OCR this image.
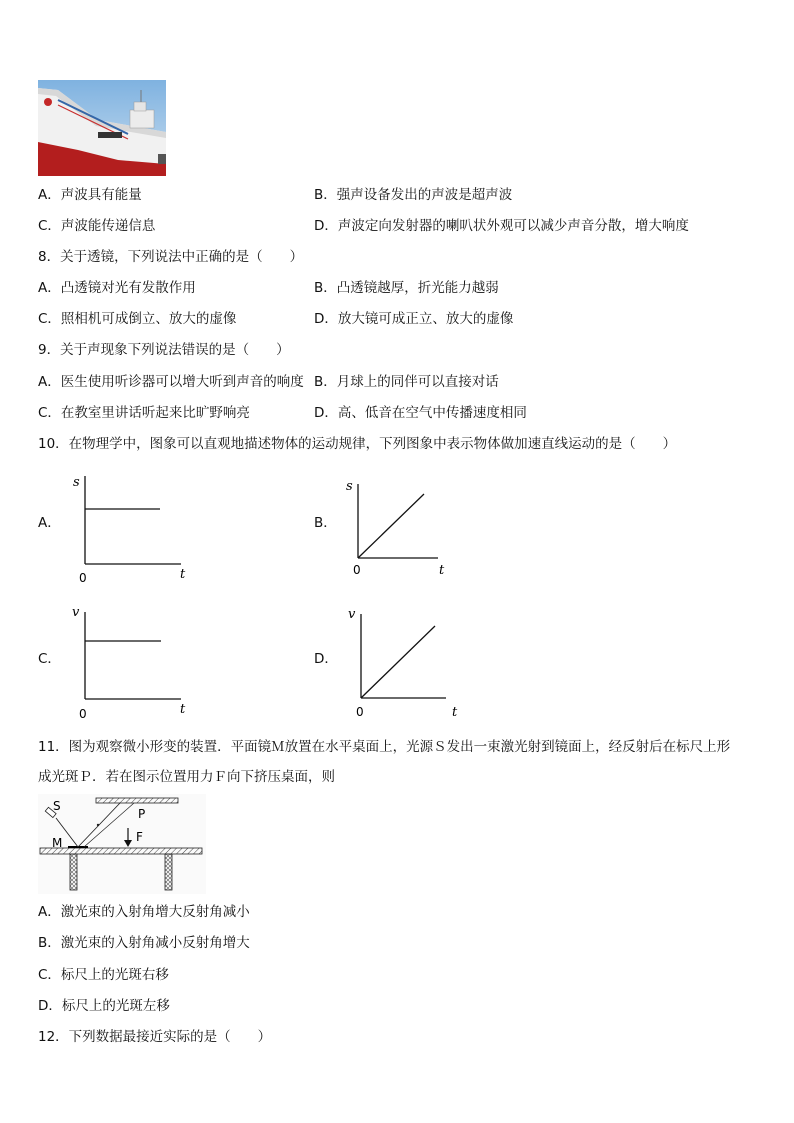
A．声波具有能量	B．强声设备发出的声波是超声波
C．声波能传递信息	D．声波定向发射器的喇叭状外观可以减少声音分散，增大响度
8．关于透镜，下列说法中正确的是（　　）
A．凸透镜对光有发散作用	B．凸透镜越厚，折光能力越弱
C．照相机可成倒立、放大的虚像	D．放大镜可成正立、放大的虚像
9．关于声现象下列说法错误的是（　　）
A．医生使用听诊器可以增大听到声音的响度 B．月球上的同伴可以直接对话
C．在教室里讲话听起来比旷野响亮	D．高、低音在空气中传播速度相同
10．在物理学中，图象可以直观地描述物体的运动规律，下列图象中表示物体做加速直线运动的是（　　）
A．
s
t
0
B．
s
t
0
C．
v
t
0
D．
v
t
0
11．图为观察微小形变的装置．平面镜Ｍ放置在水平桌面上，光源Ｓ发出一束激光射到镜面上，经反射后在标尺上形
成光斑Ｐ．若在图示位置用力Ｆ向下挤压桌面，则
S
P
F
M
A．激光束的入射角增大反射角减小
B．激光束的入射角减小反射角增大
C．标尺上的光斑右移
D．标尺上的光斑左移
12．下列数据最接近实际的是（　　）
